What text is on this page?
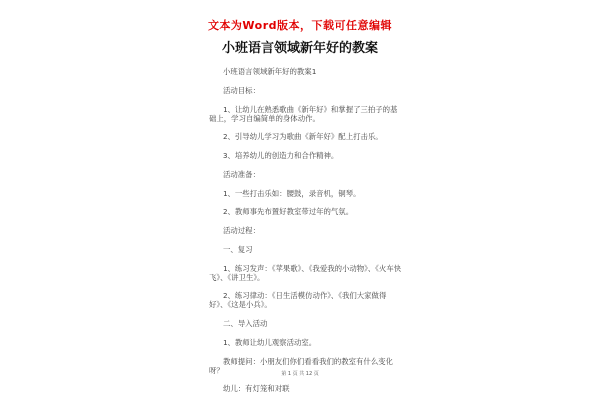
文本为Word版本，下载可任意编辑
小班语言领域新年好的教案

小班语言领域新年好的教案1

活动目标：

1、让幼儿在熟悉歌曲《新年好》和掌握了三拍子的基础上，学习自编简单的身体动作。

2、引导幼儿学习为歌曲《新年好》配上打击乐。

3、培养幼儿的创造力和合作精神。

活动准备：

1、一些打击乐如：腰鼓，录音机，铜琴。

2、教师事先布置好教室带过年的气氛。

活动过程：

一、复习

1、练习发声：《苹果歌》、《我爱我的小动物》、《火车快飞》、《讲卫生》。

2、练习律动：《日生活模仿动作》、《我们大家做得好》、《这是小兵》。

二、导入活动

1、教师让幼儿观察活动室。

教师提问：小朋友们你们看看我们的教室有什么变化呀？

幼儿：有灯笼和对联

第 1 页 共 12 页
